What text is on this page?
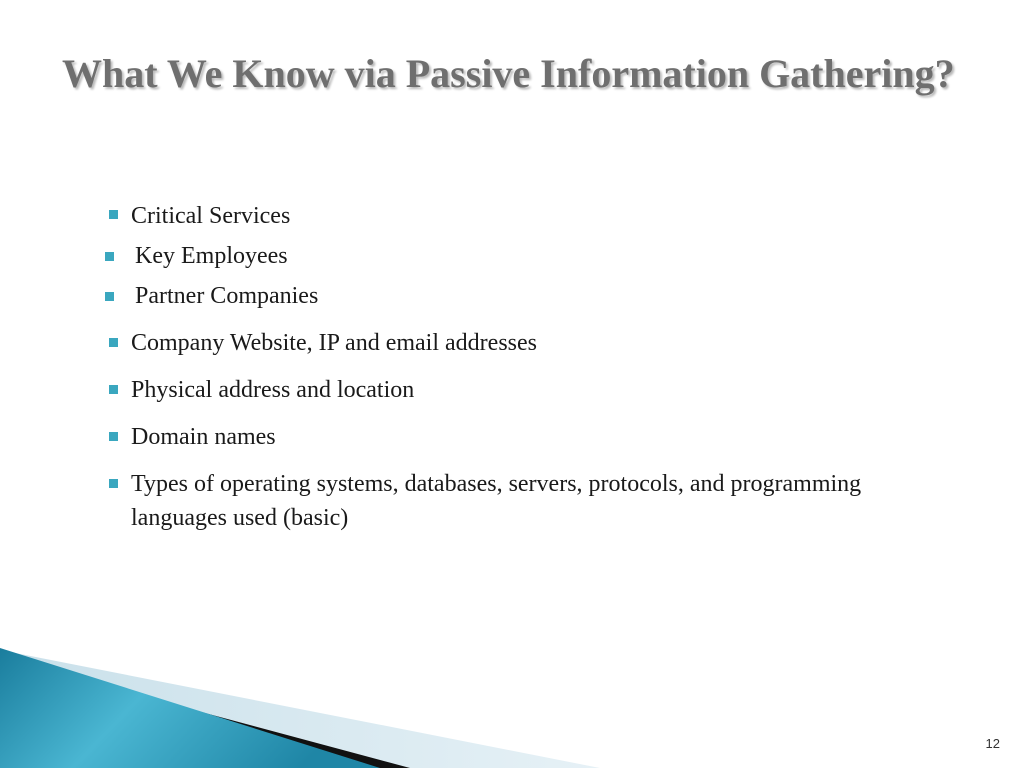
What We Know via Passive Information Gathering?
Critical Services
Key Employees
Partner Companies
Company Website, IP and email addresses
Physical address and location
Domain names
Types of operating systems, databases, servers, protocols, and programming languages used (basic)
12
